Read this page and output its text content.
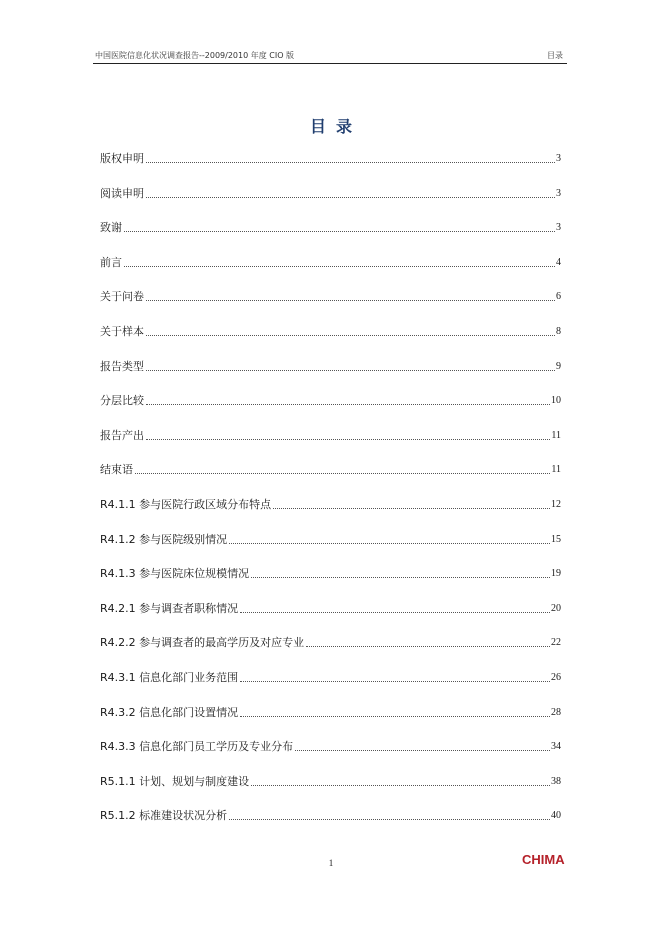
中国医院信息化状况调查报告--2009/2010 年度 CIO 版	目录
目录
版权申明	3
阅读申明	3
致谢	3
前言	4
关于问卷	6
关于样本	8
报告类型	9
分层比较	10
报告产出	11
结束语	11
R4.1.1 参与医院行政区域分布特点	12
R4.1.2 参与医院级别情况	15
R4.1.3 参与医院床位规模情况	19
R4.2.1 参与调查者职称情况	20
R4.2.2 参与调查者的最高学历及对应专业	22
R4.3.1 信息化部门业务范围	26
R4.3.2 信息化部门设置情况	28
R4.3.3 信息化部门员工学历及专业分布	34
R5.1.1 计划、规划与制度建设	38
R5.1.2 标准建设状况分析	40
1	CHIMA
